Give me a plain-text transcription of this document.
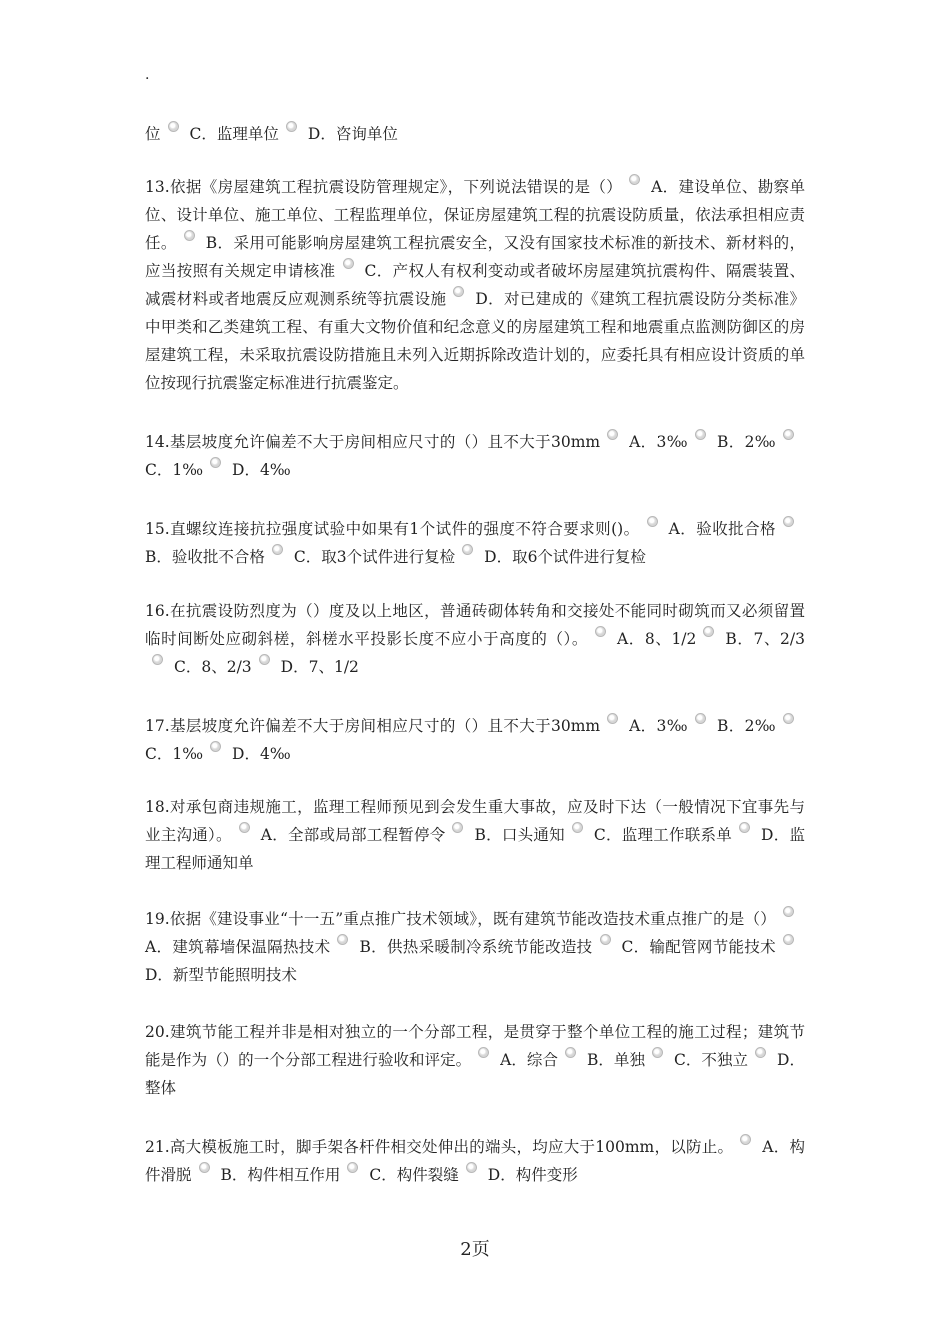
.
位 C．监理单位 D．咨询单位
13.依据《房屋建筑工程抗震设防管理规定》，下列说法错误的是（） A．建设单位、勘察单位、设计单位、施工单位、工程监理单位，保证房屋建筑工程的抗震设防质量，依法承担相应责任。 B．采用可能影响房屋建筑工程抗震安全，又没有国家技术标准的新技术、新材料的，应当按照有关规定申请核准 C．产权人有权利变动或者破坏房屋建筑抗震构件、隔震装置、减震材料或者地震反应观测系统等抗震设施 D．对已建成的《建筑工程抗震设防分类标准》中甲类和乙类建筑工程、有重大文物价值和纪念意义的房屋建筑工程和地震重点监测防御区的房屋建筑工程，未采取抗震设防措施且未列入近期拆除改造计划的，应委托具有相应设计资质的单位按现行抗震鉴定标准进行抗震鉴定。
14.基层坡度允许偏差不大于房间相应尺寸的（）且不大于30mm A．3‰ B．2‰C．1‰ D．4‰
15.直螺纹连接抗拉强度试验中如果有1个试件的强度不符合要求则()。 A．验收批合格B．验收批不合格 C．取3个试件进行复检 D．取6个试件进行复检
16.在抗震设防烈度为（）度及以上地区，普通砖砌体转角和交接处不能同时砌筑而又必须留置临时间断处应砌斜槎，斜槎水平投影长度不应小于高度的（）。 A．8、1/2 B．7、2/3C．8、2/3 D．7、1/2
17.基层坡度允许偏差不大于房间相应尺寸的（）且不大于30mm A．3‰ B．2‰C．1‰ D．4‰
18.对承包商违规施工，监理工程师预见到会发生重大事故，应及时下达（一般情况下宜事先与业主沟通）。 A．全部或局部工程暂停令 B．口头通知 C．监理工作联系单 D．监理工程师通知单
19.依据《建设事业“十一五”重点推广技术领域》，既有建筑节能改造技术重点推广的是（）A．建筑幕墙保温隔热技术 B．供热采暖制冷系统节能改造技 C．输配管网节能技术D．新型节能照明技术
20.建筑节能工程并非是相对独立的一个分部工程，是贯穿于整个单位工程的施工过程；建筑节能是作为（）的一个分部工程进行验收和评定。 A．综合 B．单独 C．不独立 D．整体
21.高大模板施工时，脚手架各杆件相交处伸出的端头，均应大于100mm，以防止。 A．构件滑脱 B．构件相互作用 C．构件裂缝 D．构件变形
2页
